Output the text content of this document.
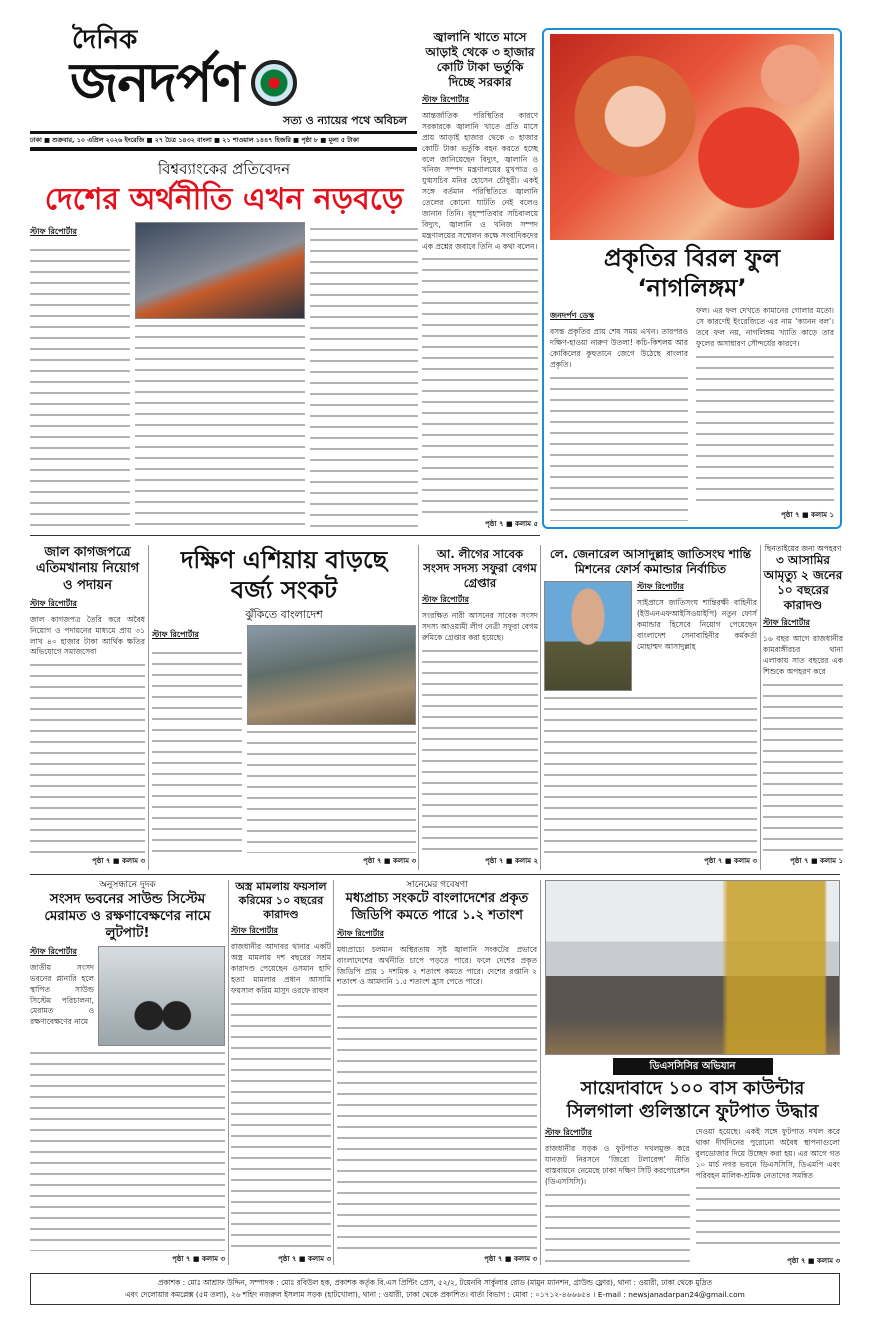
দৈনিক
জনদর্পণ
সত্য ও ন্যায়ের পথে অবিচল
ঢাকা ■ শুক্রবার, ১০ এপ্রিল ২০২৬ ইংরেজি ■ ২৭ চৈত্র ১৪৩২ বাংলা ■ ২১ শাওয়াল ১৪৪৭ হিজরি ■ পৃষ্ঠা ৮ ■ মূল্য ৫ টাকা
জ্বালানি খাতে মাসে আড়াই থেকে ৩ হাজার কোটি টাকা ভর্তুকি দিচ্ছে সরকার
স্টাফ রিপোর্টার
আন্তর্জাতিক পরিস্থিতির কারণে সরকারকে জ্বালানি খাতে প্রতি মাসে প্রায় আড়াই হাজার থেকে ৩ হাজার কোটি টাকা ভর্তুকি বহন করতে হচ্ছে বলে জানিয়েছেন বিদ্যুৎ, জ্বালানি ও খনিজ সম্পদ মন্ত্রণালয়ের মুখপাত্র ও যুগ্মসচিব মনির হোসেন চৌধুরী। একই সঙ্গে বর্তমান পরিস্থিতিতে জ্বালানি তেলের কোনো ঘাটতি নেই বলেও জানান তিনি। বৃহস্পতিবার সচিবালয়ে বিদ্যুৎ, জ্বালানি ও খনিজ সম্পদ মন্ত্রণালয়ের সম্মেলন কক্ষে সংবাদিকদের এক প্রশ্নের জবাবে তিনি এ কথা বলেন।
পৃষ্ঠা ৭ ■ কলাম ৫
প্রকৃতির বিরল ফুল ‘নাগলিঙ্গম’
জনদর্পণ ডেস্ক
বসন্ত প্রকৃতির প্রায় শেষ সময় এখন। তারপরও দক্ষিণ-হাওয়া নারুণ উতলা! কচি-কিশলয় আর কোকিলের কুহুতানে জেগে উঠেছে বাংলার প্রকৃতি।
ফল। এর ফল দেখতে কামানের গোলার মতো। সে কারণেই ইংরেজিতে এর নাম ‘ক্যানন বল’। তবে ফল নয়, নাগলিঙ্গম খ্যাতি কাড়ে তার ফুলের অসাধারণ সৌন্দর্যের কারণে।
পৃষ্ঠা ৭ ■ কলাম ১
বিশ্বব্যাংকের প্রতিবেদন
দেশের অর্থনীতি এখন নড়বড়ে
স্টাফ রিপোর্টার
জাল কাগজপত্রে এতিমখানায় নিয়োগ ও পদায়ন
স্টাফ রিপোর্টার
জাল কাগজপত্র তৈরি করে অবৈধ নিয়োগ ও পদায়নের মাধ্যমে প্রায় ৩১ লাখ ৪০ হাজার টাকা আর্থিক ক্ষতির অভিযোগে সমাজসেবা
পৃষ্ঠা ৭ ■ কলাম ৩
দক্ষিণ এশিয়ায় বাড়ছে বর্জ্য সংকট
ঝুঁকিতে বাংলাদেশ
স্টাফ রিপোর্টার
পৃষ্ঠা ৭ ■ কলাম ৩
আ. লীগের সাবেক সংসদ সদস্য সফুরা বেগম গ্রেপ্তার
স্টাফ রিপোর্টার
সংরক্ষিত নারী আসনের সাবেক সংসদ সদস্য আওয়ামী লীগ নেত্রী সফুরা বেগম রুমিকে গ্রেপ্তার করা হয়েছে।
পৃষ্ঠা ৭ ■ কলাম ২
লে. জেনারেল আসাদুল্লাহ জাতিসংঘ শান্তি মিশনের ফোর্স কমান্ডার নির্বাচিত
স্টাফ রিপোর্টার
সাইপ্রাসে জাতিসংঘ শান্তিরক্ষী বাহিনীর (ইউএনএফআইসিওয়াইপি) নতুন ফোর্স কমান্ডার হিসেবে নিয়োগ পেয়েছেন বাংলাদেশ সেনাবাহিনীর কর্মকর্তা মোহাম্মদ আসাদুল্লাহ
পৃষ্ঠা ৭ ■ কলাম ৩
ছিনতাইয়ের জন্য অপহরণ
৩ আসামির আমৃত্যু ২ জনের ১০ বছরের কারাদণ্ড
স্টাফ রিপোর্টার
১৬ বছর আগে রাজধানীর কামরাঙ্গীরচর থানা এলাকায় সাত বছরের এক শিশুকে অপহরণ করে
পৃষ্ঠা ৭ ■ কলাম ১
অনুসন্ধানে দুদক
সংসদ ভবনের সাউন্ড সিস্টেম মেরামত ও রক্ষণাবেক্ষণের নামে লুটপাট!
স্টাফ রিপোর্টার
জাতীয় সংসদ ভবনের প্লানারি হলে স্থাপিত সাউন্ড সিস্টেম পরিচালনা, মেরামত ও রক্ষণাবেক্ষণের নামে
পৃষ্ঠা ৭ ■ কলাম ৩
অস্ত্র মামলায় ফয়সাল করিমের ১০ বছরের কারাদণ্ড
স্টাফ রিপোর্টার
রাজধানীর আদাবর থানার একটি অস্ত্র মামলায় দশ বছরের সশ্রম কারাদণ্ড পেয়েছেন ওসমান হাদি হত্যা মামলার প্রধান আসামি ফয়সাল করিম মাসুদ ওরফে রাহুল
পৃষ্ঠা ৭ ■ কলাম ৩
সানেমের গবেষণা
মধ্যপ্রাচ্য সংকটে বাংলাদেশের প্রকৃত জিডিপি কমতে পারে ১.২ শতাংশ
স্টাফ রিপোর্টার
মধ্যপ্রাচ্যে চলমান অস্থিরতায় সৃষ্ট জ্বালানি সংকটের প্রভাবে বাংলাদেশের অর্থনীতি চাপে পড়তে পারে। ফলে দেশের প্রকৃত জিডিপি প্রায় ১ দশমিক ২ শতাংশ কমতে পারে। দেশের রপ্তানি ২ শতাংশ ও আমদানি ১.৫ শতাংশ হ্রাস পেতে পারে।
পৃষ্ঠা ৭ ■ কলাম ৩
ডিএসসিসির অভিযান
সায়েদাবাদে ১০০ বাস কাউন্টার সিলগালা গুলিস্তানে ফুটপাত উদ্ধার
স্টাফ রিপোর্টার
রাজধানীর সড়ক ও ফুটপাত দখলমুক্ত করে যানজট নিরসনে ‘জিরো টলারেন্স’ নীতি বাস্তবায়নে নেমেছে ঢাকা দক্ষিণ সিটি করপোরেশন (ডিএসসিসি)।
দেওয়া হয়েছে। একই সঙ্গে ফুটপাত দখল করে থাকা দীর্ঘদিনের পুরোনো অবৈধ স্থাপনাগুলো বুলডোজার দিয়ে উচ্ছেদ করা হয়। এর আগে গত ১০ মার্চ নগর ভবনে ডিএসসিসি, ডিএমপি এবং পরিবহন মালিক-শ্রমিক নেতাদের সমন্বিত
পৃষ্ঠা ৭ ■ কলাম ৩
প্রকাশক : মোঃ আশ্রাফ উদ্দিন, সম্পাদক : মোঃ রবিউল হক, প্রকাশক কর্তৃক বি.এস প্রিন্টিং প্রেস, ৫২/২, টয়েনবি সার্কুলার রোড (মামুন ম্যানশন, গ্রাউন্ড ফ্লোর), থানা : ওয়ারী, ঢাকা থেকে মুদ্রিত
এবং দেলোয়ার কমপ্লেক্স (৫ম তলা), ২৬ শহিদ নজরুল ইসলাম সড়ক (হাটখোলা), থানা : ওয়ারী, ঢাকা থেকে প্রকাশিত। বার্তা বিভাগ : মোবা : ০১৭১২-৪৬৬৬৫৪ । E-mail : newsjanadarpan24@gmail.com
